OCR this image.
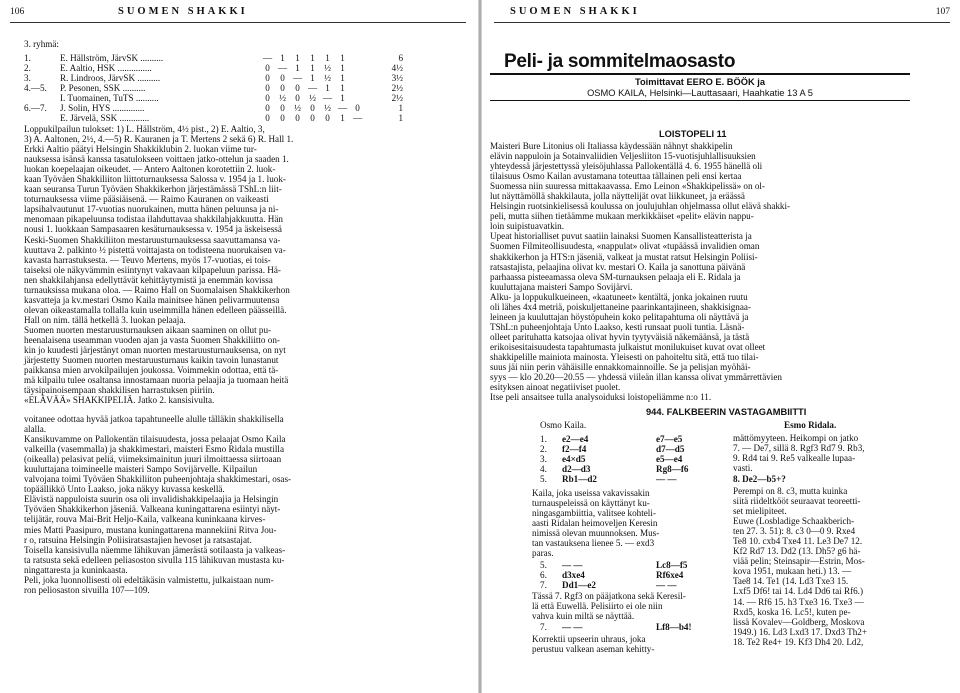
106	SUOMEN SHAKKI
3. ryhmä:
1.	E. Hällström, JärvSK ..........	—	1	1	1	1	1		6
2.	E. Aaltio, HSK ...............	0	—	1	1	½	1		4½
3.	R. Lindroos, JärvSK ..........	0	0	—	1	½	1		3½
4.—5.	P. Pesonen, SSK ..........	0	0	0	—	1	1		2½
	I. Tuomainen, TuTS ..........	0	½	0	½	—	1		2½
6.—7.	J. Solin, HYS ..............	0	0	½	0	½	—	0	1
	E. Järvelä, SSK .............	0	0	0	0	0	1	—	1
Loppukilpailun tulokset: 1) L. Hällström, 4½ pist., 2) E. Aaltio, 3,
3) A. Aaltonen, 2½, 4.—5) R. Kauranen ja T. Mertens 2 sekä 6) R. Hall 1.
Erkki Aaltio päätyi Helsingin Shakkiklubin 2. luokan viime tur-
nauksessa isänsä kanssa tasatulokseen voittaen jatko-ottelun ja saaden 1.
luokan koepelaajan oikeudet. — Antero Aaltonen korotettiin 2. luok-
kaan Työväen Shakkiliiton liittoturnauksessa Salossa v. 1954 ja 1. luok-
kaan seuransa Turun Työväen Shakkikerhon järjestämässä TShL:n liit-
toturnauksessa viime pääsiäisenä. — Raimo Kauranen on vaikeasti
lapsihalvautunut 17-vuotias nuorukainen, mutta hänen peluunsa ja ni-
menomaan pikapeluunsa todistaa ilahduttavaa shakkilahjakkuutta. Hän
nousi 1. luokkaan Sampasaaren kesäturnauksessa v. 1954 ja äskeisessä
Keski-Suomen Shakkiliiton mestaruusturnauksessa saavuttamansa va-
kuuttava 2. palkinto ½ pistettä voittajasta on todisteena nuorukaisen va-
kavasta harrastuksesta. — Teuvo Mertens, myös 17-vuotias, ei tois-
taiseksi ole näkyvämmin esiintynyt vakavaan kilpapeluun parissa. Hä-
nen shakkilahjansa edellyttävät kehittäytymistä ja enemmän kovissa
turnauksissa mukana oloa. — Raimo Hall on Suomalaisen Shakkikerhon
kasvatteja ja kv.mestari Osmo Kaila mainitsee hänen pelivarmuutensa
olevan oikeastamalla tollalla kuin useimmilla hänen edelleen päässeillä.
Hall on nim. tällä hetkellä 3. luokan pelaaja.
Suomen nuorten mestaruusturnauksen aikaan saaminen on ollut pu-
heenalaisena useamman vuoden ajan ja vasta Suomen Shakkiliitto on-
kin jo kuudesti järjestänyt oman nuorten mestaruusturnauksensa, on nyt
järjestetty Suomen nuorten mestaruusturnaus kaikin tavoin lunastanut
paikkansa mien arvokilpailujen joukossa. Voimmekin odottaa, että tä-
mä kilpailu tulee osaltansa innostamaan nuoria pelaajia ja tuomaan heitä
täysipainoisempaan shakkilisen harrastuksen piiriin.
«ELÄVÄÄ» SHAKKIPELIÄ. Jatko 2. kansisivulta.
voitanee odottaa hyvää jatkoa tapahtuneelle alulle tälläkin shakkilisella
alalla.
Kansikuvamme on Pallokentän tilaisuudesta, jossa pelaajat Osmo Kaila
valkeilla (vasemmalla) ja shakkimestari, maisteri Esmo Ridala mustilla
(oikealla) pelasivat peliä, viimeksimainitun juuri ilmoittaessa siirtoaan
kuuluttajana toimineelle maisteri Sampo Sovijärvelle. Kilpailun
valvojana toimi Työväen Shakkiliiton puheenjohtaja shakkimestari, osas-
topäällikkö Unto Laakso, joka näkyy kuvassa keskellä.
Elävistä nappuloista suurin osa oli invalidishakkipelaajia ja Helsingin
Työväen Shakkikerhon jäseniä. Valkeana kuningattarena esiintyi näyt-
telijätär, rouva Mai-Brit Heljo-Kaila, valkeana kuninkaana kirves-
mies Matti Paasipuro, mustana kuningattarena mannekiini Ritva Jou-
r o, ratsuina Helsingin Poliisiratsastajien hevoset ja ratsastajat.
Toisella kansisivulla näemme lähikuvan jämerästä sotilaasta ja valkeas-
ta ratsusta sekä edelleen peliasoston sivulla 115 lähikuvan mustasta ku-
ningattaresta ja kuninkaasta.
Peli, joka luonnollisesti oli edeltäkäsin valmistettu, julkaistaan num-
ron peliosaston sivuilla 107—109.
SUOMEN SHAKKI	107
Peli- ja sommitelmaosasto
Toimittavat EERO E. BÖÖK ja
OSMO KAILA, Helsinki—Lauttasaari, Haahkatie 13 A 5
LOISTOPELI 11
Maisteri Bure Litonius oli Italiassa käydessään nähnyt shakkipelin
elävin nappuloin ja Sotainvaliidien Veljesliiton 15-vuotisjuhlallisuuksien
yhteydessä järjestettyssä yleisöjuhlassa Pallokentällä 4. 6. 1955 hänellä oli
tilaisuus Osmo Kailan avustamana toteuttaa tällainen peli ensi kertaa
Suomessa niin suuressa mittakaavassa. Emo Leinon «Shakkipelissä» on ol-
lut näyttämöllä shakkilauta, jolla näyttelijät ovat liikkuneet, ja eräässä
Helsingin ruotsinkielisessä koulussa on joulujuhlan ohjelmassa ollut elävä shakki-
peli, mutta siihen tietäämme mukaan merkikkäiset «pelit» elävin nappu-
loin suipistuavatkin.
Upeat historialliset puvut saatiin lainaksi Suomen Kansallisteatterista ja
Suomen Filmiteollisuudesta, «nappulat» olivat «tupäässä invalidien oman
shakkikerhon ja HTS:n jäseniä, valkeat ja mustat ratsut Helsingin Poliisi-
ratsastajista, pelaajina olivat kv. mestari O. Kaila ja sanottuna päivänä
parhaassa pisteeamassa oleva SM-turnauksen pelaaja eli E. Ridala ja
kuuluttajana maisteri Sampo Sovijärvi.
Alku- ja loppukulkueineen, «kaatuneet» kentältä, jonka jokainen ruutu
oli lähes 4x4 metriä, poiskuljettaneine paarinkantajineen, shakkisignaa-
leineen ja kuuluttajan höystöpuhein koko pelitapahtuma oli näyttävä ja
TShL:n puheenjohtaja Unto Laakso, kesti runsaat puoli tuntia. Läsnä-
olleet parituhatta katsojaa olivat hyvin tyytyväisiä näkemäänsä, ja tästä
erikoisesitaisuudesta tapahtumasta julkaistut monilukuiset kuvat ovat olleet
shakkipelille mainiota mainosta. Yleisesti on pahoiteltu sitä, että tuo tilai-
suus jäi niin perin vähäisille ennakkomainnoille. Se ja pelisjan myöhäi-
syys — klo 20.20—20.55 — yhdessä viileän illan kanssa olivat ymmärrettävien
esityksen ainoat negatiiviset puolet.
Itse peli ansaitsee tulla analysoiduksi loistopeliämme n:o 11.
944. FALKBEERIN VASTAGAMBIITTI
Osmo Kaila.	Esmo Ridala.
1. e2—e4	e7—e5
2. f2—f4	d7—d5
3. e4×d5	e5—e4
4. d2—d3	Rg8—f6
5. Rb1—d2	— —
Kaila, joka useissa vakavissakin
turnauspeleissä on käyttänyt ku-
ningasgambiittia, valitsee kohteli-
aasti Ridalan heimoveljen Keresin
nimissä olevan muunnoksen. Mus-
tan vastauksena lienee 5. — exd3
paras.
5. — —	Lc8—f5
6. d3xe4	Rf6xe4
7. Dd1—e2	— —
Tässä 7. Rgf3 on pääjatkona sekä Keresil-
lä että Euwellä. Pelisiirto ei ole niin
vahva kuin miltä se näyttää.
7. — —	Lf8—b4!
Korrektii upseerin uhraus, joka
perustuu valkean aseman kehitty-
mättömyyteen. Heikompi on jatko
7. — De7, sillä 8. Rgf3 Rd7 9. Rb3,
9. Rd4 tai 9. Re5 valkealle lupaa-
vasti.
8. De2—b5+?
Perempi on 8. c3, mutta kuinka
siitä riideltkööt seuraavat teoreetti-
set mielipiteet.
Euwe (Losbladige Schaakberich-
ten 27. 3. 51): 8. c3 0—0 9. Rxe4
Te8 10. cxb4 Txe4 11. Le3 De7 12.
Kf2 Rd7 13. Dd2 (13. Dh5? g6 hä-
viää pelin; Steinsapir—Estrin, Mos-
kova 1951, mukaan heti.) 13. —
Tae8 14. Te1 (14. Ld3 Txe3 15.
Lxf5 Df6! tai 14. Ld4 Dd6 tai Rf6.)
14. — Rf6 15. h3 Txe3 16. Txe3 —
Rxd5, koska 16. Lc5!, kuten pe-
lissä Kovalev—Goldberg, Moskova
1949.) 16. Ld3 Lxd3 17. Dxd3 Th2+
18. Te2 Re4+ 19. Kf3 Dh4 20. Ld2,
